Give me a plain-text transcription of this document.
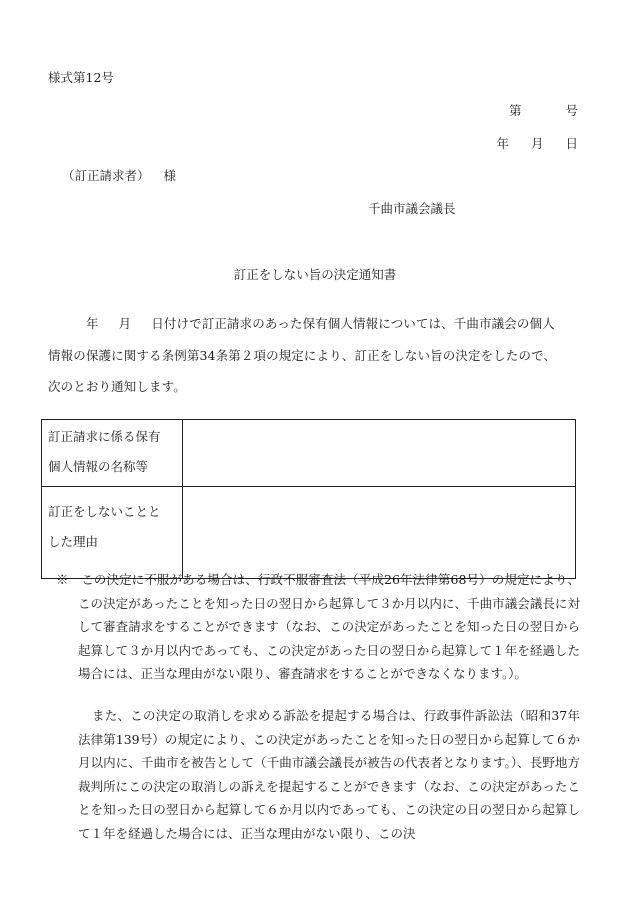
様式第12号
第	号
年 月 日
（訂正請求者） 様
千曲市議会議長
訂正をしない旨の決定通知書
年 月 日付けで訂正請求のあった保有個人情報については、千曲市議会の個人
情報の保護に関する条例第34条第２項の規定により、訂正をしない旨の決定をしたので、
次のとおり通知します。
訂正請求に係る保有
個人情報の名称等	

訂正をしないことと
した理由	

※　この決定に不服がある場合は、行政不服審査法（平成26年法律第68号）の規定により、この決定があったことを知った日の翌日から起算して３か月以内に、千曲市議会議長に対して審査請求をすることができます（なお、この決定があったことを知った日の翌日から起算して３か月以内であっても、この決定があった日の翌日から起算して１年を経過した場合には、正当な理由がない限り、審査請求をすることができなくなります。）。
また、この決定の取消しを求める訴訟を提起する場合は、行政事件訴訟法（昭和37年法律第139号）の規定により、この決定があったことを知った日の翌日から起算して６か月以内に、千曲市を被告として（千曲市議会議長が被告の代表者となります。）、長野地方裁判所にこの決定の取消しの訴えを提起することができます（なお、この決定があったことを知った日の翌日から起算して６か月以内であっても、この決定の日の翌日から起算して１年を経過した場合には、正当な理由がない限り、この決
